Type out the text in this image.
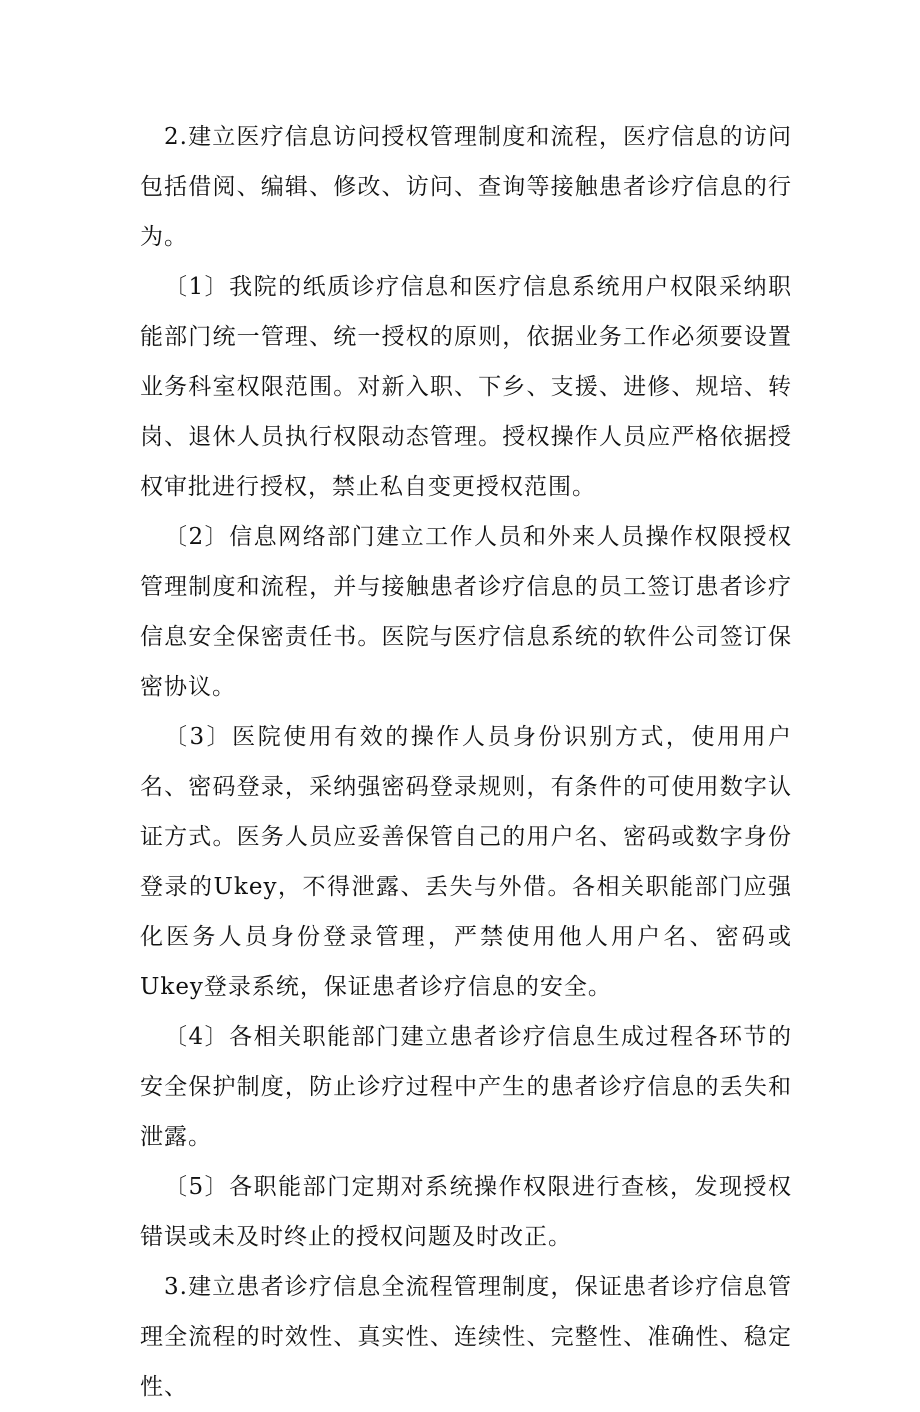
2.建立医疗信息访问授权管理制度和流程，医疗信息的访问包括借阅、编辑、修改、访问、查询等接触患者诊疗信息的行为。

〔1〕我院的纸质诊疗信息和医疗信息系统用户权限采纳职能部门统一管理、统一授权的原则，依据业务工作必须要设置业务科室权限范围。对新入职、下乡、支援、进修、规培、转岗、退休人员执行权限动态管理。授权操作人员应严格依据授权审批进行授权，禁止私自变更授权范围。

〔2〕信息网络部门建立工作人员和外来人员操作权限授权管理制度和流程，并与接触患者诊疗信息的员工签订患者诊疗信息安全保密责任书。医院与医疗信息系统的软件公司签订保密协议。

〔3〕医院使用有效的操作人员身份识别方式，使用用户名、密码登录，采纳强密码登录规则，有条件的可使用数字认证方式。医务人员应妥善保管自己的用户名、密码或数字身份登录的Ukey，不得泄露、丢失与外借。各相关职能部门应强化医务人员身份登录管理，严禁使用他人用户名、密码或Ukey登录系统，保证患者诊疗信息的安全。

〔4〕各相关职能部门建立患者诊疗信息生成过程各环节的安全保护制度，防止诊疗过程中产生的患者诊疗信息的丢失和泄露。

〔5〕各职能部门定期对系统操作权限进行查核，发现授权错误或未及时终止的授权问题及时改正。

3.建立患者诊疗信息全流程管理制度，保证患者诊疗信息管理全流程的时效性、真实性、连续性、完整性、准确性、稳定性、
